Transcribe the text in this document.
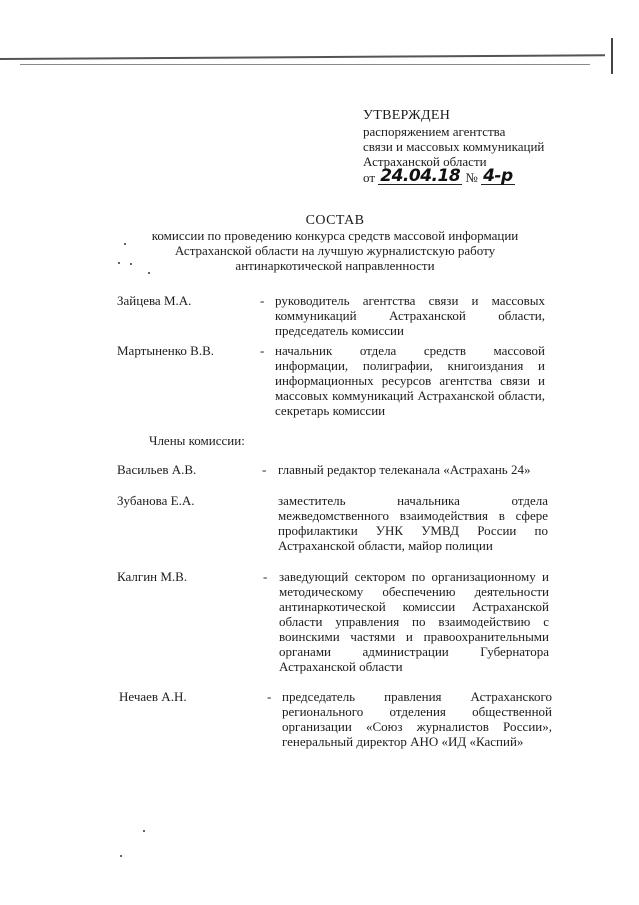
УТВЕРЖДЕН
распоряжением агентства
связи и массовых коммуникаций
Астраханской области
от 24.04.18 № 4-р
СОСТАВ
комиссии по проведению конкурса средств массовой информации
Астраханской области на лучшую журналистскую работу
антинаркотической направленности
Зайцева М.А.	- руководитель агентства связи и массовых коммуникаций Астраханской области, председатель комиссии
Мартыненко В.В.	- начальник отдела средств массовой информации, полиграфии, книгоиздания и информационных ресурсов агентства связи и массовых коммуникаций Астраханской области, секретарь комиссии
Члены комиссии:
Васильев А.В.	- главный редактор телеканала «Астрахань 24»
Зубанова Е.А.	заместитель начальника отдела межведомственного взаимодействия в сфере профилактики УНК УМВД России по Астраханской области, майор полиции
Калгин М.В.	- заведующий сектором по организационному и методическому обеспечению деятельности антинаркотической комиссии Астраханской области управления по взаимодействию с воинскими частями и правоохранительными органами администрации Губернатора Астраханской области
Нечаев А.Н.	- председатель правления Астраханского регионального отделения общественной организации «Союз журналистов России», генеральный директор АНО «ИД «Каспий»
